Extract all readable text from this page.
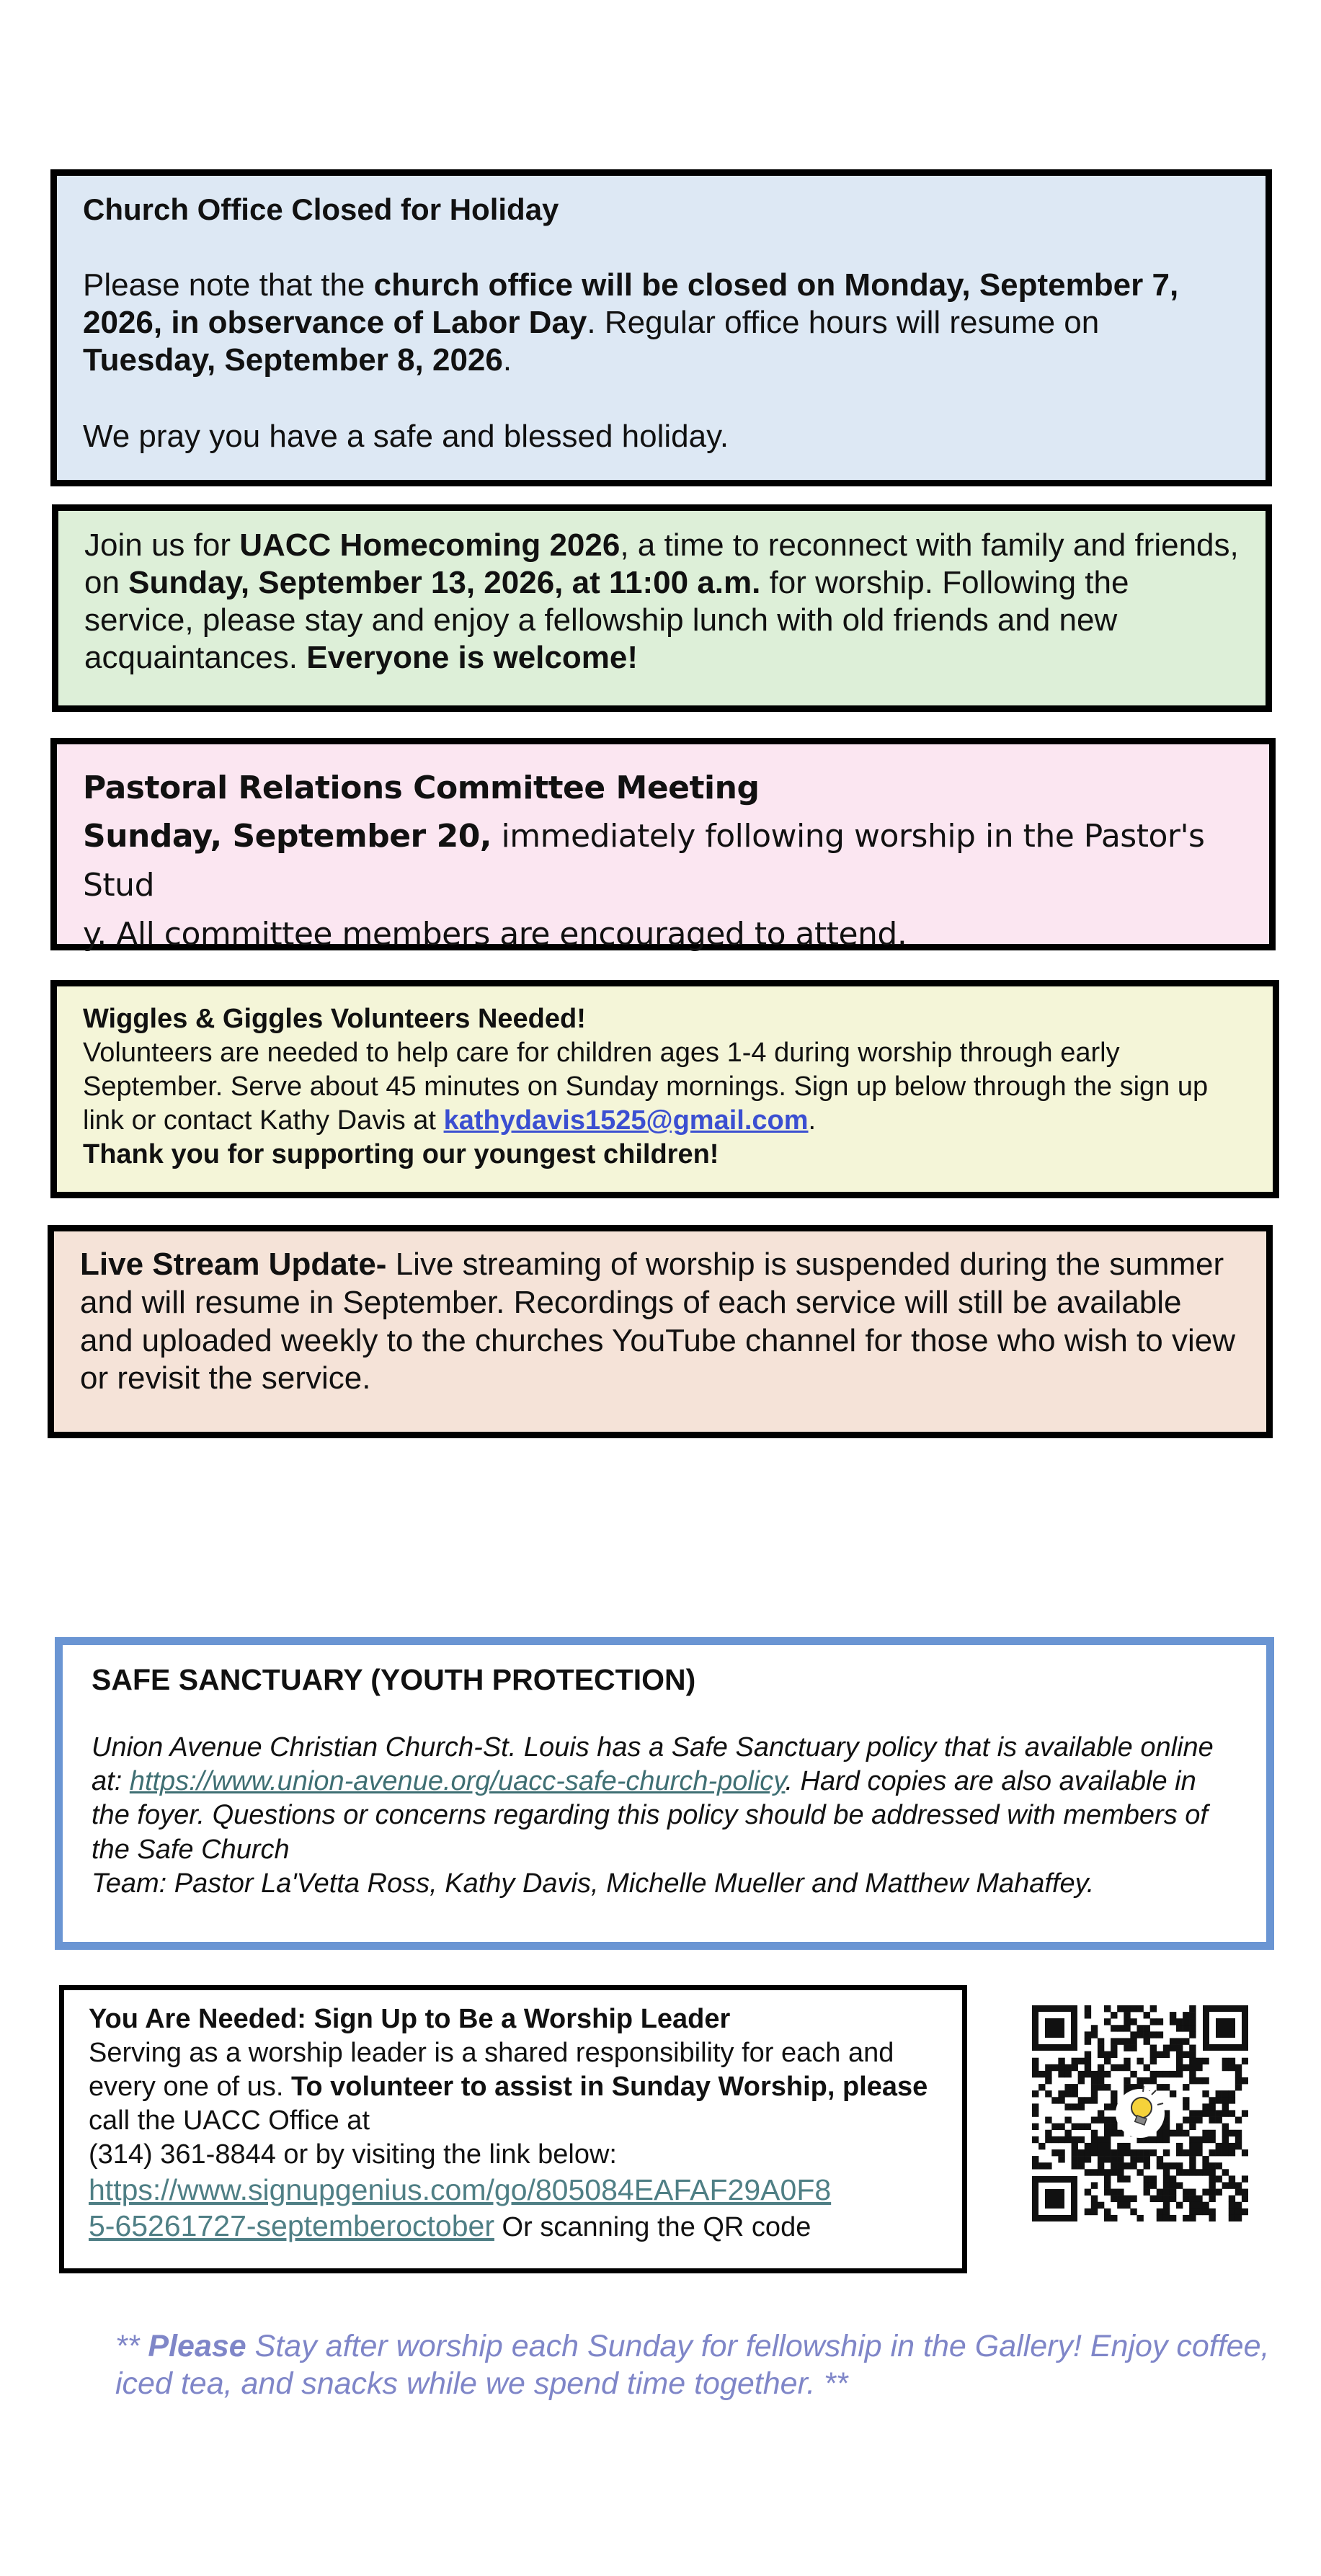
Church Office Closed for Holiday

Please note that the church office will be closed on Monday, September 7, 2026, in observance of Labor Day. Regular office hours will resume on Tuesday, September 8, 2026.

We pray you have a safe and blessed holiday.

Join us for UACC Homecoming 2026, a time to reconnect with family and friends, on Sunday, September 13, 2026, at 11:00 a.m. for worship. Following the service, please stay and enjoy a fellowship lunch with old friends and new acquaintances. Everyone is welcome!

Pastoral Relations Committee Meeting

Sunday, September 20, immediately following worship in the Pastor's Stud
y. All committee members are encouraged to attend.

Wiggles & Giggles Volunteers Needed!

Volunteers are needed to help care for children ages 1-4 during worship through early September. Serve about 45 minutes on Sunday mornings. Sign up below through the sign up link or contact Kathy Davis at kathydavis1525@gmail.com.

Thank you for supporting our youngest children!

Live Stream Update- Live streaming of worship is suspended during the summer and will resume in September. Recordings of each service will still be available and uploaded weekly to the churches YouTube channel for those who wish to view or revisit the service.

SAFE SANCTUARY (YOUTH PROTECTION)

Union Avenue Christian Church-St. Louis has a Safe Sanctuary policy that is available online at: https://www.union-avenue.org/uacc-safe-church-policy. Hard copies are also available in the foyer. Questions or concerns regarding this policy should be addressed with members of the Safe Church

Team: Pastor La'Vetta Ross, Kathy Davis, Michelle Mueller and Matthew Mahaffey.

You Are Needed: Sign Up to Be a Worship Leader

Serving as a worship leader is a shared responsibility for each and every one of us. To volunteer to assist in Sunday Worship, please call the UACC Office at
(314) 361-8844 or by visiting the link below:

https://www.signupgenius.com/go/805084EAFAF29A0F8
5-65261727-septemberoctober Or scanning the QR code

** Please Stay after worship each Sunday for fellowship in the Gallery! Enjoy coffee, iced tea, and snacks while we spend time together. **
